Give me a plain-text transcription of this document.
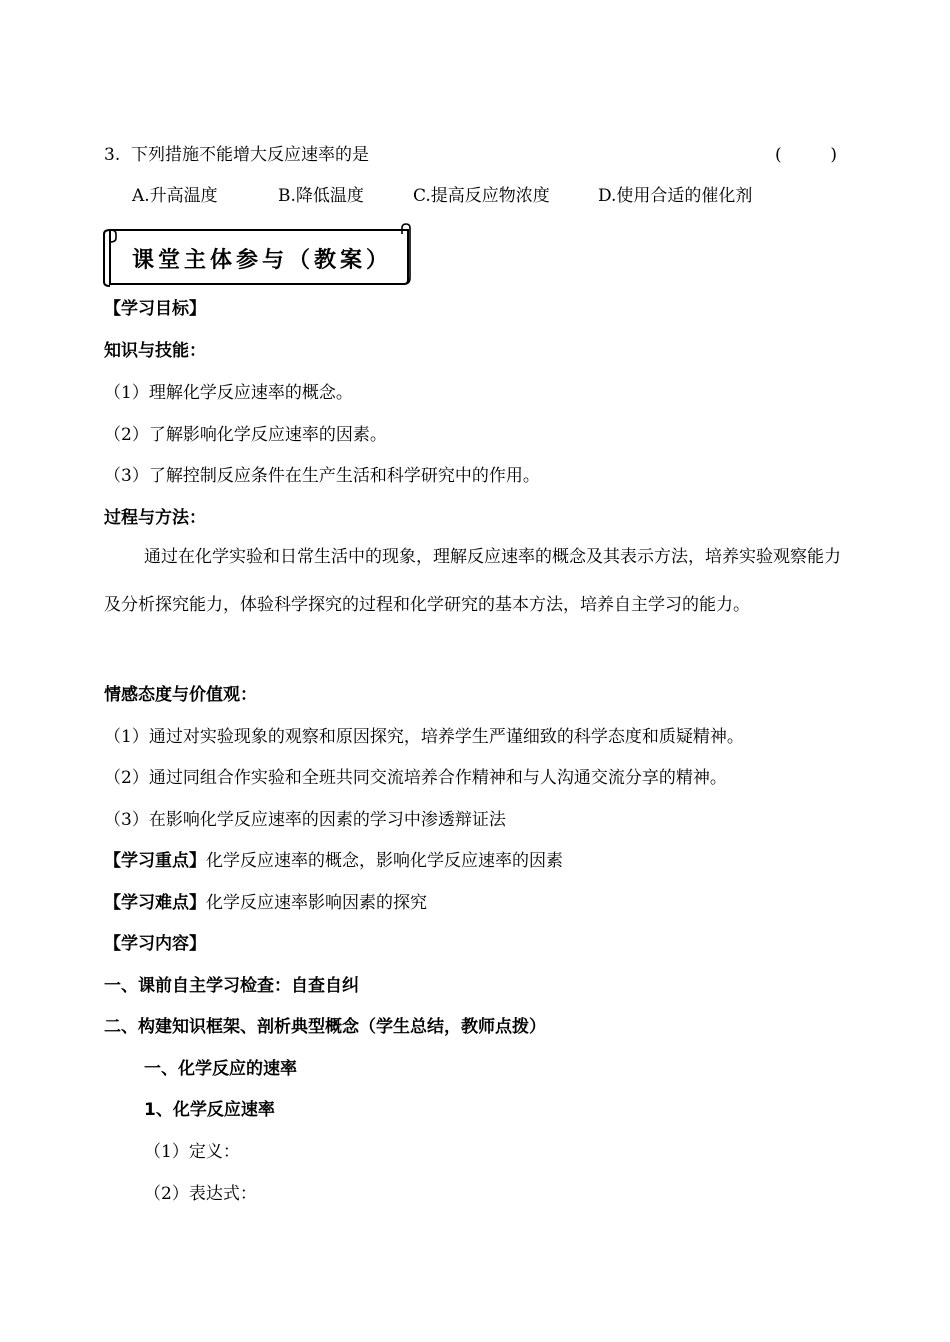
3. 下列措施不能增大反应速率的是	(	)
A.升高温度	B.降低温度	C.提高反应物浓度	D.使用合适的催化剂
课堂主体参与（教案）
【学习目标】
知识与技能：
（1）理解化学反应速率的概念。
（2）了解影响化学反应速率的因素。
（3）了解控制反应条件在生产生活和科学研究中的作用。
过程与方法：
通过在化学实验和日常生活中的现象，理解反应速率的概念及其表示方法，培养实验观察能力及分析探究能力，体验科学探究的过程和化学研究的基本方法，培养自主学习的能力。
情感态度与价值观：
（1）通过对实验现象的观察和原因探究，培养学生严谨细致的科学态度和质疑精神。
（2）通过同组合作实验和全班共同交流培养合作精神和与人沟通交流分享的精神。
（3）在影响化学反应速率的因素的学习中渗透辩证法
【学习重点】化学反应速率的概念，影响化学反应速率的因素
【学习难点】化学反应速率影响因素的探究
【学习内容】
一、课前自主学习检查：自查自纠
二、构建知识框架、剖析典型概念（学生总结，教师点拨）
一、化学反应的速率
1、化学反应速率
（1）定义：
（2）表达式：
